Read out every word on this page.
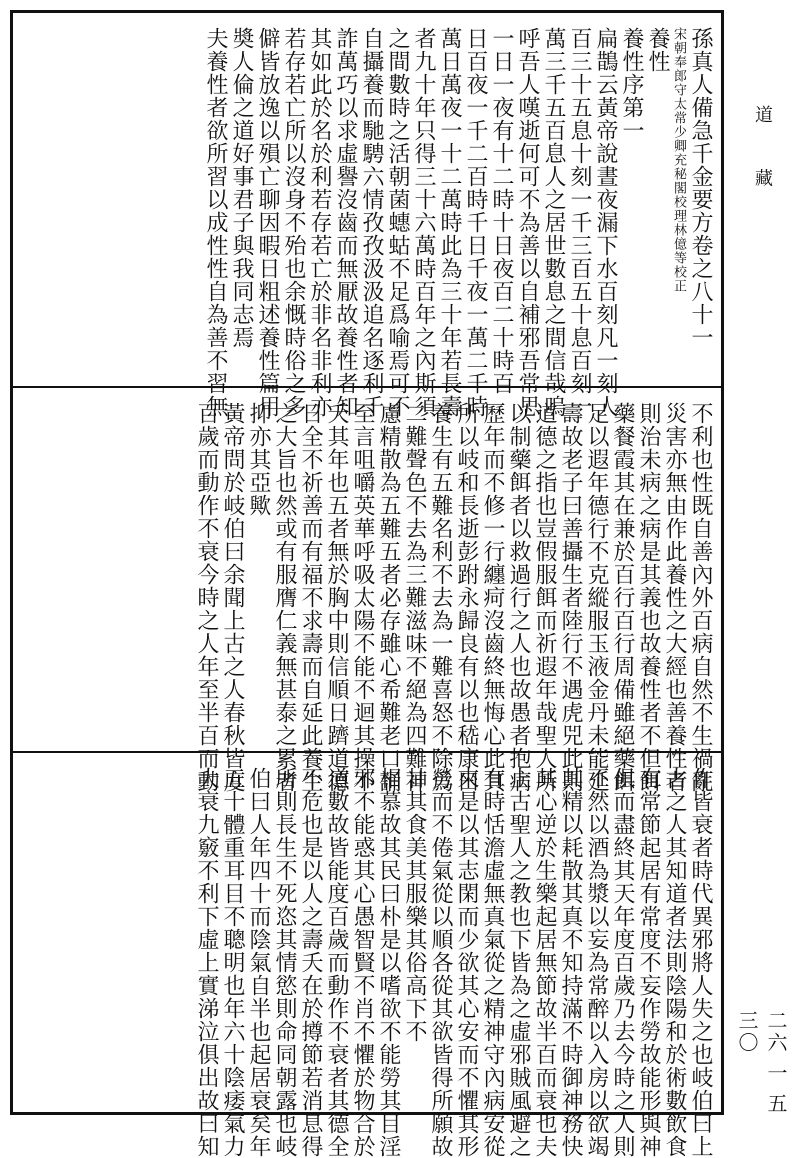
孫真人備急千金要方卷之八十一
宋朝奉郎守太常少卿充秘閣校理林億等校正
養性
養性序第一
扁鵲云黃帝說晝夜漏下水百刻凡一刻人
百三十五息十刻一千三百五十息百刻一
萬三千五百息人之居世數息之間信哉嗚
呼吾人嘆逝何可不為善以自補邪吾常思
一日一夜有十二時十日夜百二十時百
日百夜一千二百時千日千夜一萬二千時
萬日萬夜一十二萬時此為三十年若長壽
者九十年只得三十六萬時百年之內斯須
之間數時之活朝菌蟪蛄不足爲喻焉可不
自攝養而馳騁六情孜孜汲汲追名逐利千
詐萬巧以求虛譽沒齒而無厭故養性者知
其如此於名於利若存若亡於非名非利亦
若存若亡所以沒身不殆也余慨時俗之多
僻皆放逸以殞亡聊因暇日粗述養性篇用
奬人倫之道好事君子與我同志焉
夫養性者欲所習以成性性自為善不習無
不利也性既自善內外百病自然不生禍亂
災害亦無由作此養性之大經也善養性者
則治未病之病是其義也故養性者不但餌
藥餐霞其在兼於百行百行周備雖絕藥餌
足以遐年德行不克縱服玉液金丹未能延
壽故老子曰善攝生者陸行不遇虎兕此則
道德之指也豈假服餌而祈遐年哉聖人所
以制藥餌者以救過行之人也故愚者抱病
歷年而不修一行纏疴沒齒終無悔心此其
所以岐和長逝彭跗永歸良有以也嵇康曰
養生有五難名利不去為一難喜怒不除爲
二難聲色不去為三難滋味不絕為四難神
慮精散為五難五者必存雖心希難老口誦
至言咀嚼英華呼吸太陽不能不迴其操不
夭其年也五者無於胸中則信順日躋道德
日全不祈善而有福不求壽而自延此養生
之大旨也然或有服膺仁義無甚泰之累者
抑亦其亞歟
黃帝問於岐伯曰余聞上古之人春秋皆度
百歲而動作不衰今時之人年至半百而動
作皆衰者時代異邪將人失之也岐伯曰上
古之人其知道者法則陰陽和於術數飲食
有常節起居有常度不妄作勞故能形與神
俱而盡終其天年度百歲乃去今時之人則
不然以酒為漿以妄為常醉以入房以欲竭
其精以耗散其真不知持滿不時御神務快
其心逆於生樂起居無節故半百而衰也夫
上古聖人之教也下皆為之虛邪賊風避之
有時恬澹虛無真氣從之精神守內病安從
來是以其志閑而少欲其心安而不懼其形
勞而不倦氣從以順各從其欲皆得所願故
甘其食美其服樂其俗高下不
相慕故其民曰朴是以嗜欲不能勞其目淫
邪不能惑其心愚智賢不肖不懼於物合於
道數故皆能度百歲而動作不衰者其德全
不危也是以人之壽夭在於撙節若消息得
所則長生不死恣其情慾則命同朝露也岐
伯曰人年四十而陰氣自半也起居衰矣年
五十體重耳目不聰明也年六十陰痿氣力
大衰九竅不利下虛上實涕泣俱出故曰知
道 藏
二六 一 五三〇
